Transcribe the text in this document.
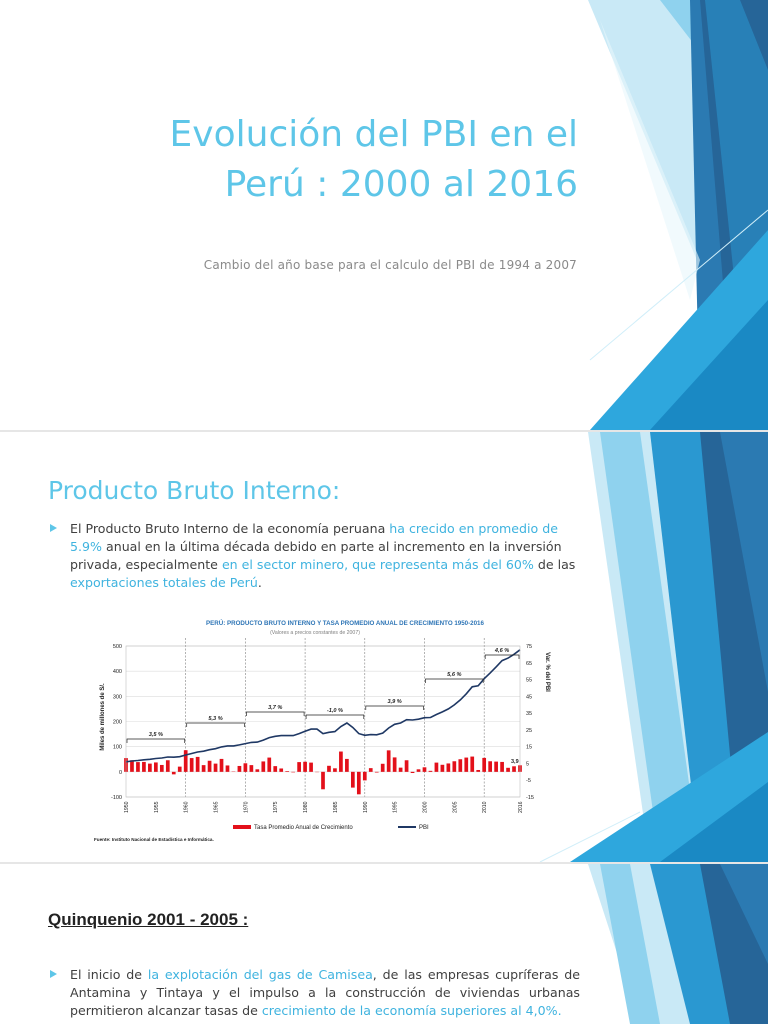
Evolución del PBI en el
Perú : 2000 al 2016
Cambio del año base para el calculo del PBI de 1994 a 2007
Producto Bruto Interno:
El Producto Bruto Interno de la economía peruana ha crecido en promedio de 5.9% anual en la última década debido en parte al incremento en la inversión privada, especialmente en el sector minero, que representa más del 60% de las exportaciones totales de Perú.
PERÚ: PRODUCTO BRUTO INTERNO Y TASA PROMEDIO ANUAL DE CRECIMIENTO 1950-2016
(Valores a precios constantes de 2007)
Miles de millones de S/.
Var. % del PBI
500
400
300
200
100
0
-100
75
65
55
45
35
25
15
5
-5
-15
1950	1955	1960	1965	1970	1975	1980	1985	1990	1995	2000	2005	2010	2016
3,5 %
5,3 %
3,7 %	-1,0 %
3,9 %
5,6 %
4,6 %
3,9
Tasa Promedio Anual de Crecimiento	PBI
Fuente: Instituto Nacional de Estadística e Informática.
Quinquenio 2001 - 2005 :
El inicio de la explotación del gas de Camisea, de las empresas cupríferas de Antamina y Tintaya y el impulso a la construcción de viviendas urbanas permitieron alcanzar tasas de crecimiento de la economía superiores al 4,0%.
